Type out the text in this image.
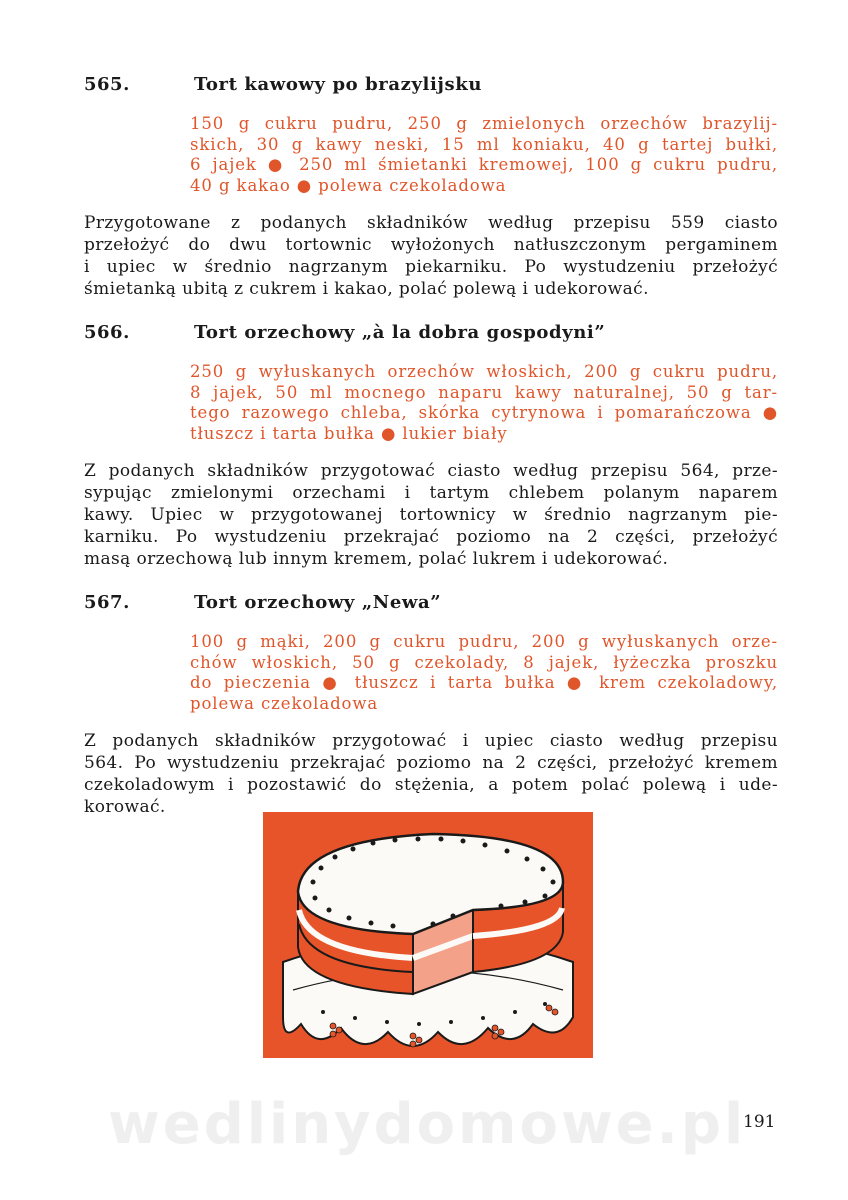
565.	Tort kawowy po brazylijsku
150 g cukru pudru, 250 g zmielonych orzechów brazylij-
skich, 30 g kawy neski, 15 ml koniaku, 40 g tartej bułki,
6 jajek ● 250 ml śmietanki kremowej, 100 g cukru pudru,
40 g kakao ● polewa czekoladowa
Przygotowane z podanych składników według przepisu 559 ciasto
przełożyć do dwu tortownic wyłożonych natłuszczonym pergaminem
i upiec w średnio nagrzanym piekarniku. Po wystudzeniu przełożyć
śmietanką ubitą z cukrem i kakao, polać polewą i udekorować.
566.	Tort orzechowy „à la dobra gospodyni”
250 g wyłuskanych orzechów włoskich, 200 g cukru pudru,
8 jajek, 50 ml mocnego naparu kawy naturalnej, 50 g tar-
tego razowego chleba, skórka cytrynowa i pomarańczowa ●
tłuszcz i tarta bułka ● lukier biały
Z podanych składników przygotować ciasto według przepisu 564, prze-
sypując zmielonymi orzechami i tartym chlebem polanym naparem
kawy. Upiec w przygotowanej tortownicy w średnio nagrzanym pie-
karniku. Po wystudzeniu przekrajać poziomo na 2 części, przełożyć
masą orzechową lub innym kremem, polać lukrem i udekorować.
567.	Tort orzechowy „Newa”
100 g mąki, 200 g cukru pudru, 200 g wyłuskanych orze-
chów włoskich, 50 g czekolady, 8 jajek, łyżeczka proszku
do pieczenia ● tłuszcz i tarta bułka ● krem czekoladowy,
polewa czekoladowa
Z podanych składników przygotować i upiec ciasto według przepisu
564. Po wystudzeniu przekrajać poziomo na 2 części, przełożyć kremem
czekoladowym i pozostawić do stężenia, a potem polać polewą i ude-
korować.
wedlinydomowe.pl
191
